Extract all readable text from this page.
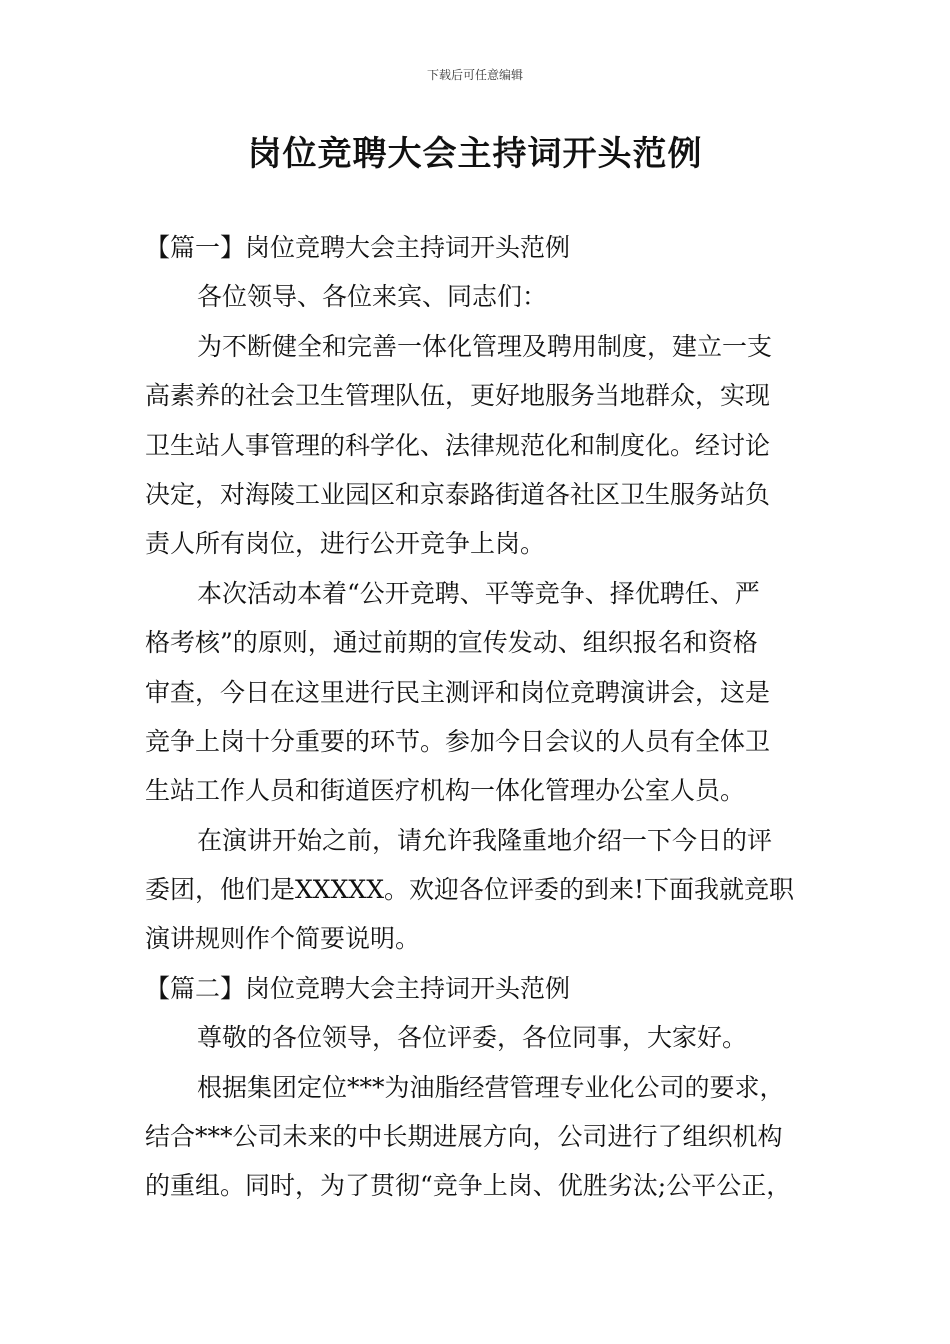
下载后可任意编辑
岗位竞聘大会主持词开头范例
【篇一】岗位竞聘大会主持词开头范例
各位领导、各位来宾、同志们：
为不断健全和完善一体化管理及聘用制度，建立一支
高素养的社会卫生管理队伍，更好地服务当地群众，实现
卫生站人事管理的科学化、法律规范化和制度化。经讨论
决定，对海陵工业园区和京泰路街道各社区卫生服务站负
责人所有岗位，进行公开竞争上岗。
本次活动本着“公开竞聘、平等竞争、择优聘任、严
格考核”的原则，通过前期的宣传发动、组织报名和资格
审查，今日在这里进行民主测评和岗位竞聘演讲会，这是
竞争上岗十分重要的环节。参加今日会议的人员有全体卫
生站工作人员和街道医疗机构一体化管理办公室人员。
在演讲开始之前，请允许我隆重地介绍一下今日的评
委团，他们是XXXXX。欢迎各位评委的到来!下面我就竞职
演讲规则作个简要说明。
【篇二】岗位竞聘大会主持词开头范例
尊敬的各位领导，各位评委，各位同事，大家好。
根据集团定位***为油脂经营管理专业化公司的要求，
结合***公司未来的中长期进展方向，公司进行了组织机构
的重组。同时，为了贯彻“竞争上岗、优胜劣汰;公平公正，
